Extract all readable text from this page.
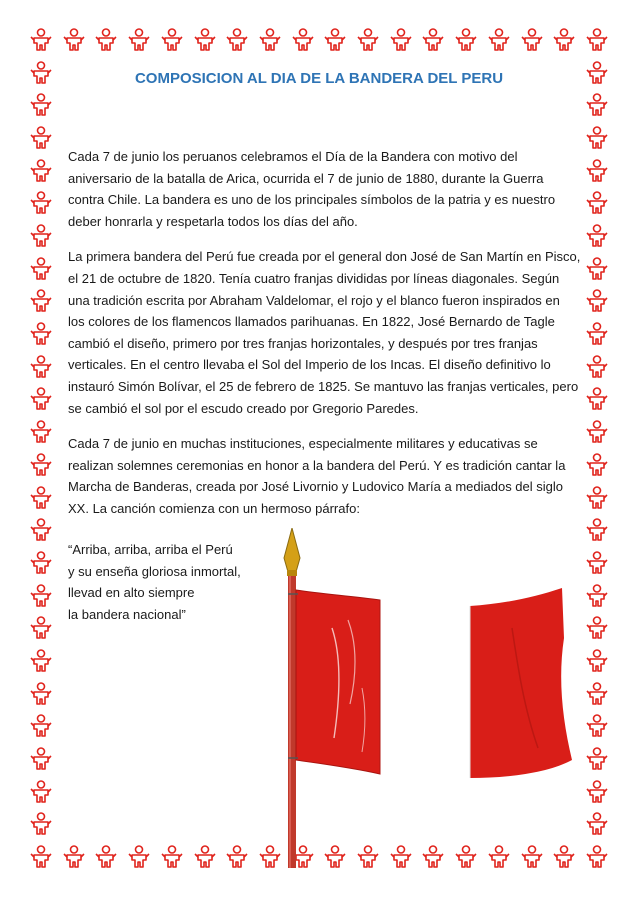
COMPOSICION AL DIA DE LA BANDERA DEL PERU

Cada 7 de junio los peruanos celebramos el Día de la Bandera con motivo del
aniversario de la batalla de Arica, ocurrida el 7 de junio de 1880, durante la Guerra
contra Chile. La bandera es uno de los principales símbolos de la patria y es nuestro
deber honrarla y respetarla todos los días del año.

La primera bandera del Perú fue creada por el general don José de San Martín en Pisco,
el 21 de octubre de 1820. Tenía cuatro franjas divididas por líneas diagonales. Según
una tradición escrita por Abraham Valdelomar, el rojo y el blanco fueron inspirados en
los colores de los flamencos llamados parihuanas. En 1822, José Bernardo de Tagle
cambió el diseño, primero por tres franjas horizontales, y después por tres franjas
verticales. En el centro llevaba el Sol del Imperio de los Incas. El diseño definitivo lo
instauró Simón Bolívar, el 25 de febrero de 1825. Se mantuvo las franjas verticales, pero
se cambió el sol por el escudo creado por Gregorio Paredes.

Cada 7 de junio en muchas instituciones, especialmente militares y educativas se
realizan solemnes ceremonias en honor a la bandera del Perú. Y es tradición cantar la
Marcha de Banderas, creada por José Livornio y Ludovico María a mediados del siglo
XX. La canción comienza con un hermoso párrafo:

“Arriba, arriba, arriba el Perú
y su enseña gloriosa inmortal,
llevad en alto siempre
la bandera nacional”
